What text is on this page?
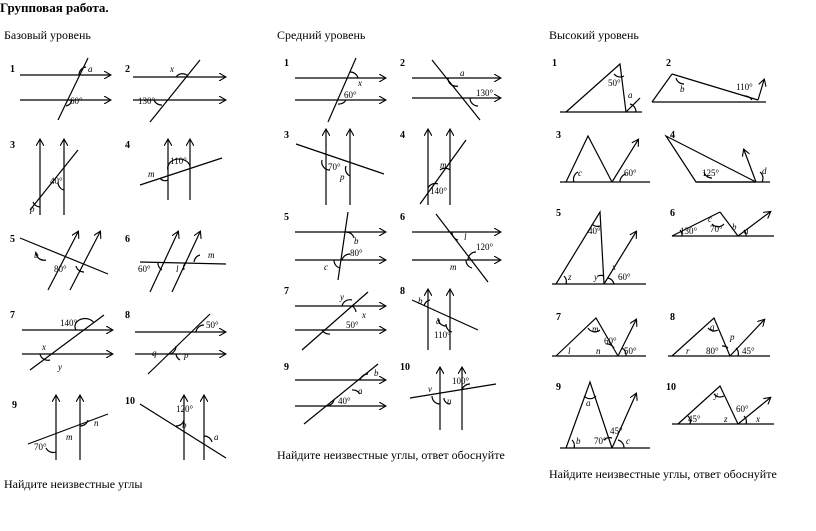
Групповая работа.
Базовый уровень	Средний уровень	Высокий уровень
Найдите неизвестные углы
Найдите неизвестные углы, ответ обоснуйте
Найдите неизвестные углы, ответ обоснуйте
1	2
3	4
5	6
7	8
9	10
1	2
3	4
5	6
7	8
9	10
1	2
3	4
5	6
7	8
9	10
a
60°
x
130°
40°
p
m
110°
b
80°	60°
m
l
140°
x
y
50°
q	p
n
m
70°
120°
b
a
x
60°
a
130°
70°
p
m
140°
b
80°
c
l
120°
m
y
x
50°
b
a
110°
b
a
40°
v
u
100°
50°
a
b	110°
c	60°	125°	d
40°
z y
x
60°
c
130° 70° b a
m
60°
l	n	50°
q
p
r 80°	45°
a
b 70°
45°
c
y
60°
45°	z	x
